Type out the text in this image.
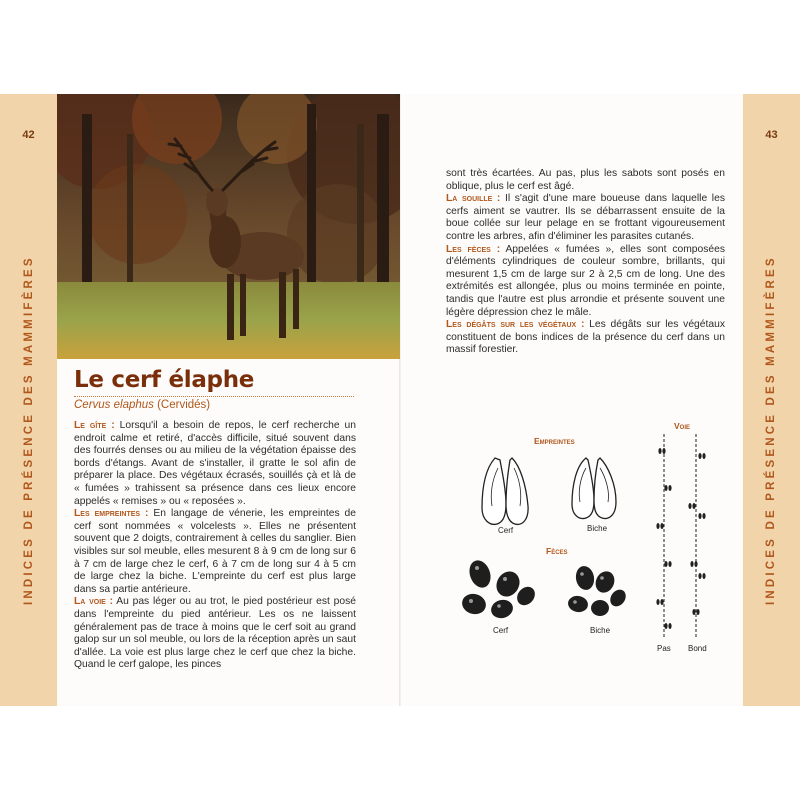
42
INDICES DE PRÉSENCE DES MAMMIFÈRES
43
INDICES DE PRÉSENCE DES MAMMIFÈRES
Le cerf élaphe
Cervus elaphus (Cervidés)

Le gîte : Lorsqu'il a besoin de repos, le cerf recherche un endroit calme et retiré, d'accès difficile, situé souvent dans des fourrés denses ou au milieu de la végétation épaisse des bords d'étangs. Avant de s'installer, il gratte le sol afin de préparer la place. Des végétaux écrasés, souillés çà et là de « fumées » trahissent sa présence dans ces lieux encore appelés « remises » ou « reposées ».

Les empreintes : En langage de vénerie, les empreintes de cerf sont nommées « volcelests ». Elles ne présentent souvent que 2 doigts, contrairement à celles du sanglier. Bien visibles sur sol meuble, elles mesurent 8 à 9 cm de long sur 6 à 7 cm de large chez le cerf, 6 à 7 cm de long sur 4 à 5 cm de large chez la biche. L'empreinte du cerf est plus large dans sa partie antérieure.

La voie : Au pas léger ou au trot, le pied postérieur est posé dans l'empreinte du pied antérieur. Les os ne laissent généralement pas de trace à moins que le cerf soit au grand galop sur un sol meuble, ou lors de la réception après un saut d'allée. La voie est plus large chez le cerf que chez la biche. Quand le cerf galope, les pinces

sont très écartées. Au pas, plus les sabots sont posés en oblique, plus le cerf est âgé.

La souille : Il s'agit d'une mare boueuse dans laquelle les cerfs aiment se vautrer. Ils se débarrassent ensuite de la boue collée sur leur pelage en se frottant vigoureusement contre les arbres, afin d'éliminer les parasites cutanés.

Les fèces : Appelées « fumées », elles sont composées d'éléments cylindriques de couleur sombre, brillants, qui mesurent 1,5 cm de large sur 2 à 2,5 cm de long. Une des extrémités est allongée, plus ou moins terminée en pointe, tandis que l'autre est plus arrondie et présente souvent une légère dépression chez le mâle.

Les dégâts sur les végétaux : Les dégâts sur les végétaux constituent de bons indices de la présence du cerf dans un massif forestier.

Empreintes
Voie
Fèces
Cerf	Biche
Cerf	Biche
Pas Bond
